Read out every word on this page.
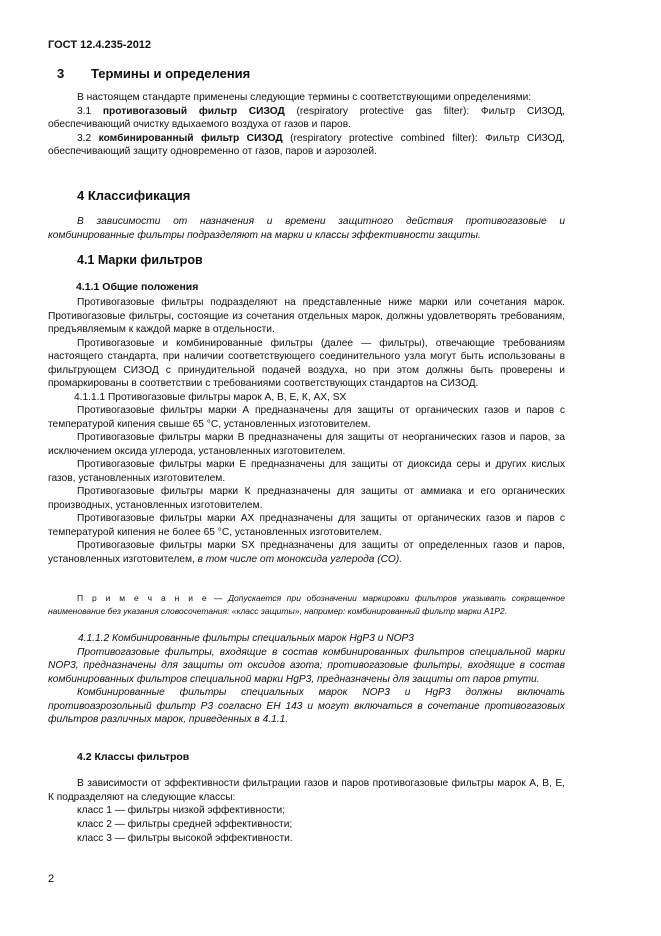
ГОСТ 12.4.235-2012
3 Термины и определения

В настоящем стандарте применены следующие термины с соответствующими определениями:

3.1 противогазовый фильтр СИЗОД (respiratory protective gas filter): Фильтр СИЗОД, обеспечивающий очистку вдыхаемого воздуха от газов и паров.

3.2 комбинированный фильтр СИЗОД (respiratory protective combined filter): Фильтр СИЗОД, обеспечивающий защиту одновременно от газов, паров и аэрозолей.

4 Классификация

В зависимости от назначения и времени защитного действия противогазовые и комбинированные фильтры подразделяют на марки и классы эффективности защиты.

4.1 Марки фильтров
4.1.1 Общие положения

Противогазовые фильтры подразделяют на представленные ниже марки или сочетания марок. Противогазовые фильтры, состоящие из сочетания отдельных марок, должны удовлетворять требованиям, предъявляемым к каждой марке в отдельности.

Противогазовые и комбинированные фильтры (далее — фильтры), отвечающие требованиям настоящего стандарта, при наличии соответствующего соединительного узла могут быть использованы в фильтрующем СИЗОД с принудительной подачей воздуха, но при этом должны быть проверены и промаркированы в соответствии с требованиями соответствующих стандартов на СИЗОД.

4.1.1.1 Противогазовые фильтры марок А, В, Е, К, АХ, SX

Противогазовые фильтры марки А предназначены для защиты от органических газов и паров с температурой кипения свыше 65 °С, установленных изготовителем.

Противогазовые фильтры марки В предназначены для защиты от неорганических газов и паров, за исключением оксида углерода, установленных изготовителем.

Противогазовые фильтры марки Е предназначены для защиты от диоксида серы и других кислых газов, установленных изготовителем.

Противогазовые фильтры марки К предназначены для защиты от аммиака и его органических производных, установленных изготовителем.

Противогазовые фильтры марки АХ предназначены для защиты от органических газов и паров с температурой кипения не более 65 °С, установленных изготовителем.

Противогазовые фильтры марки SX предназначены для защиты от определенных газов и паров, установленных изготовителем, в том числе от моноксида углерода (СО).

П р и м е ч а н и е — Допускается при обозначении маркировки фильтров указывать сокращенное наименование без указания словосочетания: «класс защиты», например: комбинированный фильтр марки А1Р2.

4.1.1.2 Комбинированные фильтры специальных марок HgP3 и NOP3

Противогазовые фильтры, входящие в состав комбинированных фильтров специальной марки NOP3, предназначены для защиты от оксидов азота; противогазовые фильтры, входящие в состав комбинированных фильтров специальной марки HgP3, предназначены для защиты от паров ртути.

Комбинированные фильтры специальных марок NOP3 и HgP3 должны включать противоаэрозольный фильтр Р3 согласно ЕН 143 и могут включаться в сочетание противогазовых фильтров различных марок, приведенных в 4.1.1.

4.2 Классы фильтров

В зависимости от эффективности фильтрации газов и паров противогазовые фильтры марок А, В, Е, К подразделяют на следующие классы:

класс 1 — фильтры низкой эффективности;
класс 2 — фильтры средней эффективности;
класс 3 — фильтры высокой эффективности.
2
